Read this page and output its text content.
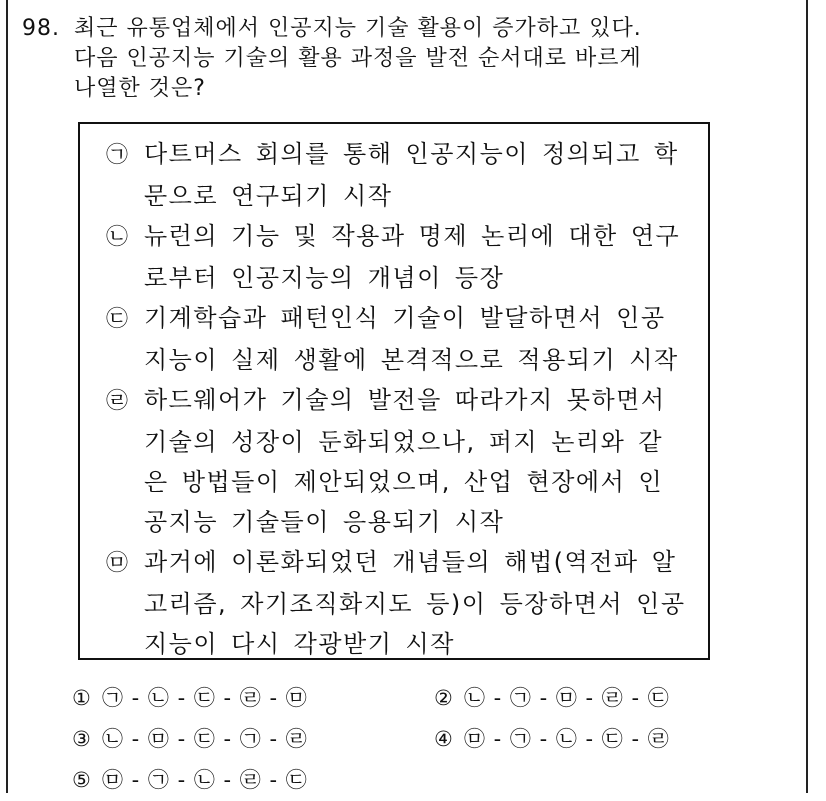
98. 최근 유통업체에서 인공지능 기술 활용이 증가하고 있다.
다음 인공지능 기술의 활용 과정을 발전 순서대로 바르게
나열한 것은?
㉠ 다트머스 회의를 통해 인공지능이 정의되고 학
문으로 연구되기 시작
㉡ 뉴런의 기능 및 작용과 명제 논리에 대한 연구
로부터 인공지능의 개념이 등장
㉢ 기계학습과 패턴인식 기술이 발달하면서 인공
지능이 실제 생활에 본격적으로 적용되기 시작
㉣ 하드웨어가 기술의 발전을 따라가지 못하면서
기술의 성장이 둔화되었으나, 퍼지 논리와 같
은 방법들이 제안되었으며, 산업 현장에서 인
공지능 기술들이 응용되기 시작
㉤ 과거에 이론화되었던 개념들의 해법(역전파 알
고리즘, 자기조직화지도 등)이 등장하면서 인공
지능이 다시 각광받기 시작
① ㉠ - ㉡ - ㉢ - ㉣ - ㉤	② ㉡ - ㉠ - ㉤ - ㉣ - ㉢
③ ㉡ - ㉤ - ㉢ - ㉠ - ㉣	④ ㉤ - ㉠ - ㉡ - ㉢ - ㉣
⑤ ㉤ - ㉠ - ㉡ - ㉣ - ㉢
